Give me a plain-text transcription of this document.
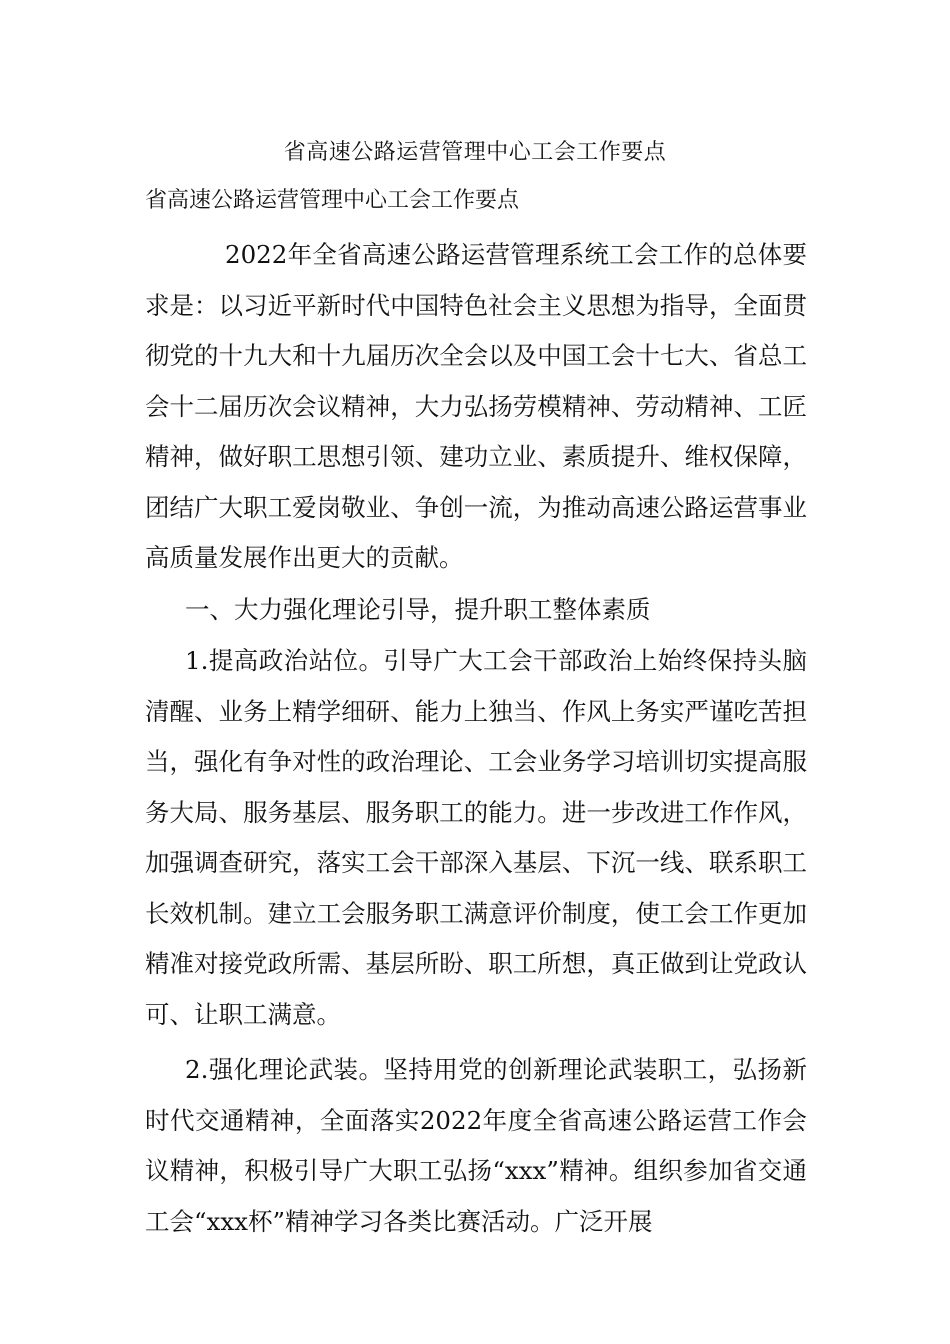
省高速公路运营管理中心工会工作要点
省高速公路运营管理中心工会工作要点

2022年全省高速公路运营管理系统工会工作的总体要求是：以习近平新时代中国特色社会主义思想为指导，全面贯彻党的十九大和十九届历次全会以及中国工会十七大、省总工会十二届历次会议精神，大力弘扬劳模精神、劳动精神、工匠精神，做好职工思想引领、建功立业、素质提升、维权保障，团结广大职工爱岗敬业、争创一流，为推动高速公路运营事业高质量发展作出更大的贡献。

一、大力强化理论引导，提升职工整体素质

1.提高政治站位。引导广大工会干部政治上始终保持头脑清醒、业务上精学细研、能力上独当、作风上务实严谨吃苦担当，强化有争对性的政治理论、工会业务学习培训切实提高服务大局、服务基层、服务职工的能力。进一步改进工作作风，加强调查研究，落实工会干部深入基层、下沉一线、联系职工长效机制。建立工会服务职工满意评价制度，使工会工作更加精准对接党政所需、基层所盼、职工所想，真正做到让党政认可、让职工满意。

2.强化理论武装。坚持用党的创新理论武装职工，弘扬新时代交通精神，全面落实2022年度全省高速公路运营工作会议精神，积极引导广大职工弘扬“xxx”精神。组织参加省交通工会“xxx杯”精神学习各类比赛活动。广泛开展
